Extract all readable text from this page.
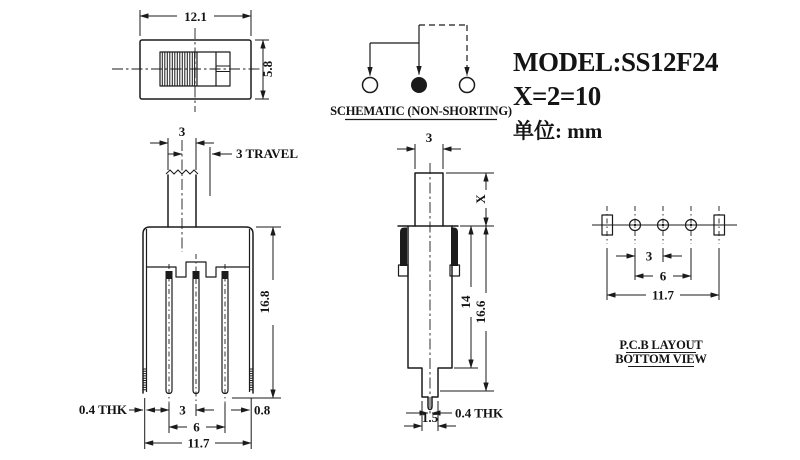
12.1
5.8
SCHEMATIC (NON-SHORTING)
MODEL:SS12F24
X=2=10
单位: mm
3
3 TRAVEL
16.8
0.4 THK	3	0.8
6
11.7
3
X
14 16.6
0.4 THK
1.5
3
6
11.7
P.C.B LAYOUT
BOTTOM VIEW
